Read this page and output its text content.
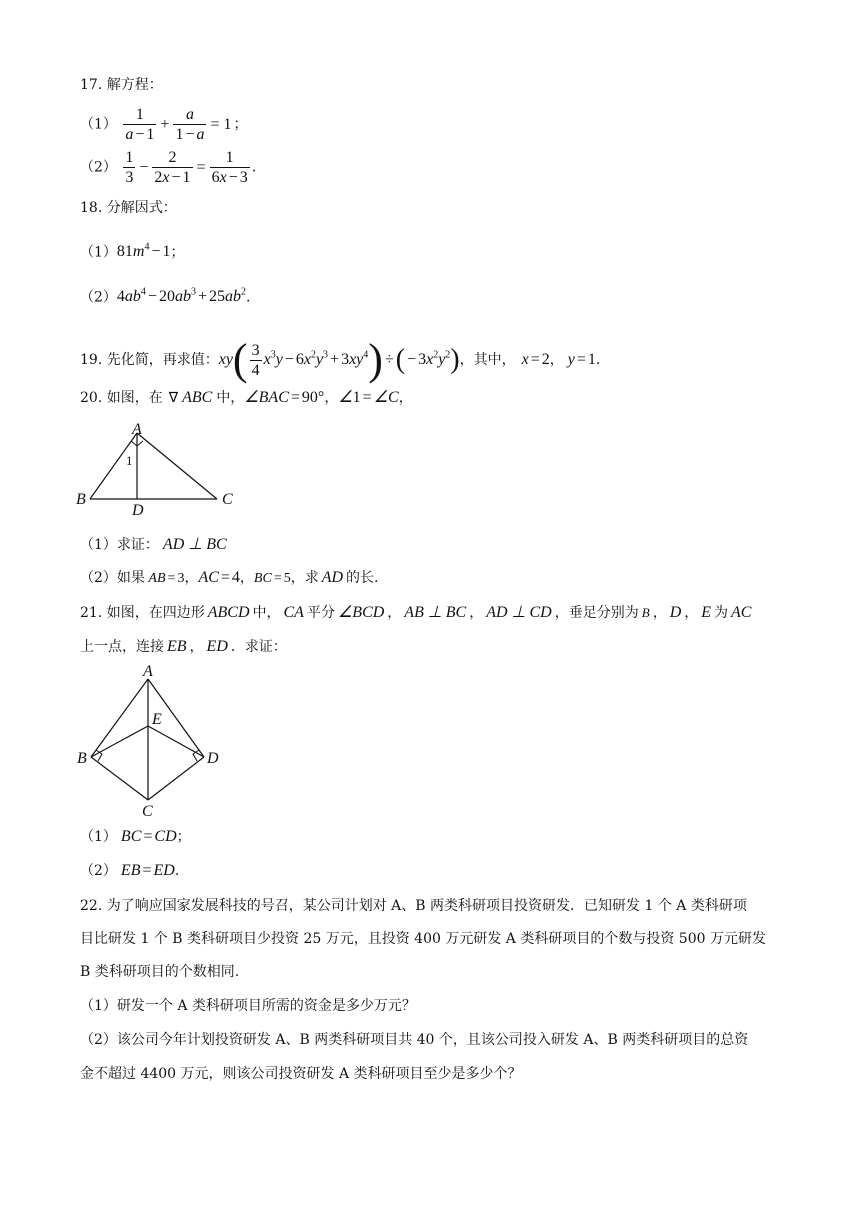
17. 解方程：
$(1) \frac{1}{a - 1} + \frac{a}{1 - a} = 1$ ；
$(2) \frac{1}{3} - \frac{2}{2x - 1} = \frac{1}{6x - 3}$ .
18. 分解因式：
$(1)81m^4 - 1$；
$(2)4ab^4 - 20ab^3 + 25ab^2$.
19. 先化简，再求值：$xy( \frac{3}{4} x^3y - 6x^2y^3 + 3xy^4)$ ÷( − $3x^2y^2$)，其中， x = 2， y = 1.
20. 如图，在 ∇ ABC 中，∠BAC = 90°，∠1 = ∠C，
A
1
B
D
C
（1）求证： AD ⊥ BC
（2）如果 AB = 3，AC = 4，BC = 5，求 AD 的长.
21. 如图，在四边形 ABCD 中， CA 平分 ∠BCD ， AB ⊥ BC ， AD ⊥ CD ，垂足分别为 B ， D ， E 为 AC
上一点，连接 EB ， ED ．求证：
A
E
B	D
C
（1） BC = CD；
（2） EB = ED.
22. 为了响应国家发展科技的号召，某公司计划对 A、B 两类科研项目投资研发．已知研发 1 个 A 类科研项
目比研发 1 个 B 类科研项目少投资 25 万元，且投资 400 万元研发 A 类科研项目的个数与投资 500 万元研发
B 类科研项目的个数相同.
（1）研发一个 A 类科研项目所需的资金是多少万元？
（2）该公司今年计划投资研发 A、B 两类科研项目共 40 个，且该公司投入研发 A、B 两类科研项目的总资
金不超过 4400 万元，则该公司投资研发 A 类科研项目至少是多少个？
